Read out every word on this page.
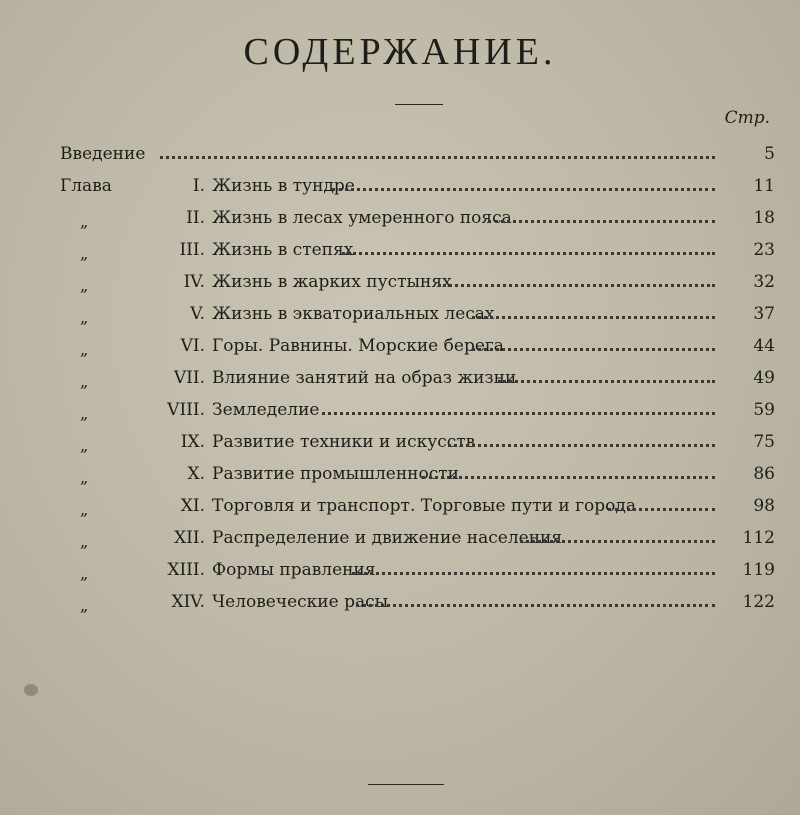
СОДЕРЖАНИЕ.
Стр.
Введение	5
Глава	I. Жизнь в тундре	11
„	II. Жизнь в лесах умеренного пояса	18
„	III. Жизнь в степях	23
„	IV. Жизнь в жарких пустынях	32
„	V. Жизнь в экваториальных лесах	37
„	VI. Горы. Равнины. Морские берега	44
„	VII. Влияние занятий на образ жизни	49
„	VIII. Земледелие	59
„	IX. Развитие техники и искусств	75
„	X. Развитие промышленности	86
„	XI. Торговля и транспорт. Торговые пути и города	98
„	XII. Распределение и движение населения	112
„	XIII. Формы правления	119
„	XIV. Человеческие расы	122
